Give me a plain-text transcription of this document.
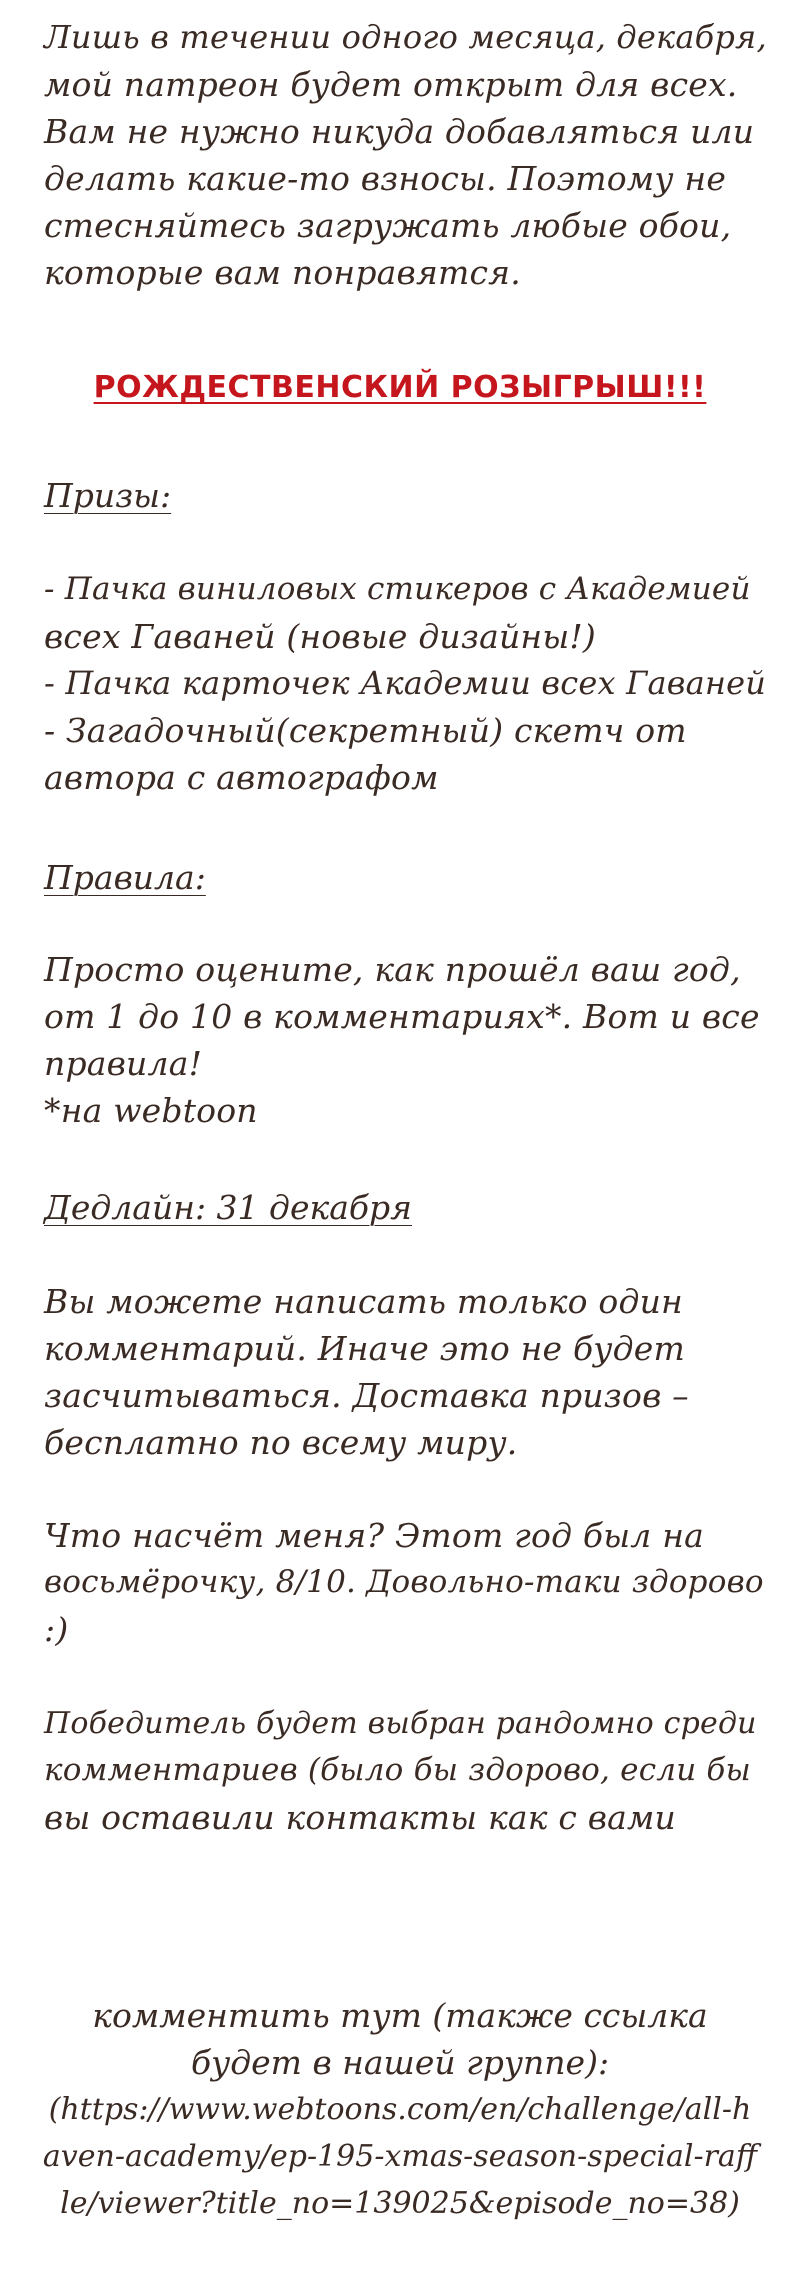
Лишь в течении одного месяца, декабря,
мой патреон будет открыт для всех.
Вам не нужно никуда добавляться или
делать какие-то взносы. Поэтому не
стесняйтесь загружать любые обои,
которые вам понравятся.
РОЖДЕСТВЕНСКИЙ РОЗЫГРЫШ!!!
Призы:
- Пачка виниловых стикеров с Академией
всех Гаваней (новые дизайны!)
- Пачка карточек Академии всех Гаваней
- Загадочный(секретный) скетч от
автора с автографом
Правила:
Просто оцените, как прошёл ваш год,
от 1 до 10 в комментариях*. Вот и все
правила!
*на webtoon
Дедлайн: 31 декабря
Вы можете написать только один
комментарий. Иначе это не будет
засчитываться. Доставка призов –
бесплатно по всему миру.
Что насчёт меня? Этот год был на
восьмёрочку, 8/10. Довольно-таки здорово
:)
Победитель будет выбран рандомно среди
комментариев (было бы здорово, если бы
вы оставили контакты как с вами
комментить тут (также ссылка
будет в нашей группе):
(https://www.webtoons.com/en/challenge/all-h
aven-academy/ep-195-xmas-season-special-raff
le/viewer?title_no=139025&episode_no=38)
